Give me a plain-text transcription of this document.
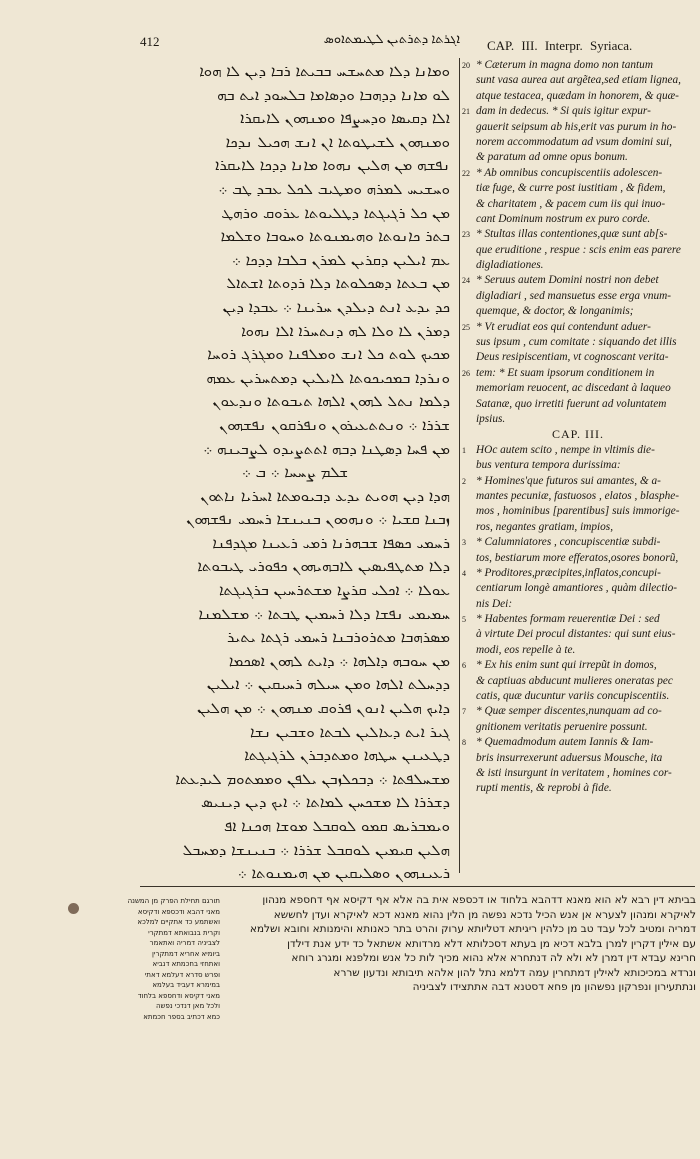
412	ܐܓܪܬܐ ܕܬܪܬܝܢ ܠܛܝܡܬܐܘܣ CAP. III. Interpr. Syriaca.
ܘܡܐܢܐ ܕܠܐ ܡܬܚܫܚ ܒܒܝܬܐ ܪܒܐ ܕܝܢ ܠܐ ܗܘܐ
ܠܘ ܡܐܢܐ ܕܕܗܒܐ ܘܕܣܐܡܐ ܒܠܚܘܕ ܐܝܬ ܒܗ
ܐܠܐ ܕܩܝܣܐ ܘܕܚܨܦܐ ܘܡܢܗܘܢ ܠܐܝܩܪܐ
ܘܡܢܗܘܢ ܠܫܝܛܘܬܐ ܐܢ ܐܢܫ ܗܟܝܠ ܢܕܟܐ
ܢܦܫܗ ܡܢ ܗܠܝܢ ܢܗܘܐ ܡܐܢܐ ܕܕܟܐ ܠܐܝܩܪܐ
ܘܚܫܝܚ ܠܡܪܗ ܘܡܛܝܒ ܠܟܠ ܥܒܕ ܛܒ ܀
ܡܢ ܟܠ ܪܓܝܓܬܐ ܕܛܠܝܘܬܐ ܥܪܘܩ ܘܪܗܛ
ܒܬܪ ܟܐܢܘܬܐ ܘܗܝܡܢܘܬܐ ܘܚܘܒܐ ܘܫܠܡܐ
ܥܡ ܐܝܠܝܢ ܕܩܪܝܢ ܠܡܪܢ ܒܠܒܐ ܕܕܟܐ ܀
ܡܢ ܒܥܬܐ ܕܣܟܠܘܬܐ ܕܠܐ ܪܕܘܬܐ ܐܫܬܐܠ
ܟܕ ܝܕܥ ܐܢܬ ܕܝܠܕܢ ܚܪܝܢܐ ܀ ܥܒܕܐ ܕܝܢ
ܕܡܪܢ ܠܐ ܘܠܐ ܠܗ ܕܢܬܚܪܐ ܐܠܐ ܢܗܘܐ
ܡܟܝܟ ܠܘܬ ܟܠ ܐܢܫ ܘܡܠܦܢܐ ܘܡܓܪܓ ܪܘܚܐ
ܘܢܪܕܐ ܒܡܟܝܟܘܬܐ ܠܐܝܠܝܢ ܕܡܬܚܪܝܢ ܥܡܗ
ܕܠܡܐ ܢܬܠ ܠܗܘܢ ܐܠܗܐ ܬܝܒܘܬܐ ܘܢܕܥܘܢ
ܫܪܪܐ ܀ ܘܢܬܬܥܝܪܘܢ ܘܢܦܪܩܘܢ ܢܦܫܗܘܢ
ܡܢ ܦܚܐ ܕܣܛܢܐ ܕܒܗ ܐܬܬܨܝܕܘ ܠܨܒܝܢܗ ܀
ܫܠܡ ܨܚܚܐ ܀ ܒ ܀
ܗܕܐ ܕܝܢ ܗܘܝܬ ܝܕܥ ܕܒܝܘܡܬܐ ܐܚܪܝܐ ܢܐܬܘܢ
ܙܒܢܐ ܩܫܝܐ ܀ ܘܢܗܘܘܢ ܒܢܝܢܫܐ ܪܚܡܝ ܢܦܫܗܘܢ
ܪܚܡܝ ܟܣܦܐ ܫܒܗܪܢܐ ܪܡܝ ܪܥܝܢܐ ܡܓܕܦܢܐ
ܕܠܐ ܡܬܛܦܝܣܝܢ ܠܐܒܗܝܗܘܢ ܟܦܘܪܝ ܛܝܒܘܬܐ
ܥܘܠܐ ܀ ܐܟܠܝ ܩܪܨܐ ܡܫܬܪܚܝܢ ܒܪܓܝܓܬܐ
ܚܡܝܡܝ ܢܦܫܐ ܕܠܐ ܪܚܡܝܢ ܛܒܬܐ ܀ ܡܫܠܡܢܐ
ܡܣܪܗܒܐ ܡܬܪܘܪܒܢܐ ܪܚܡܝ ܪܓܬܐ ܝܬܝܪ
ܡܢ ܚܘܒܗ ܕܐܠܗܐ ܀ ܕܐܝܬ ܠܗܘܢ ܐܣܟܡܐ
ܕܕܚܠܬ ܐܠܗܐ ܘܡܢ ܚܝܠܗ ܪܚܝܩܝܢ ܀ ܐܝܠܝܢ
ܕܐܝܟ ܗܠܝܢ ܐܢܘܢ ܦܪܘܩ ܡܢܗܘܢ ܀ ܡܢ ܗܠܝܢ
ܓܝܪ ܐܝܬ ܕܥܐܠܝܢ ܠܒܬܐ ܘܫܒܝܢ ܢܫܐ
ܕܛܥܝܢܢ ܚܛܗܐ ܘܡܬܕܒܪܢ ܠܪܓܝܓܬܐ
ܡܫܚܠܦܬܐ ܀ ܕܒܟܠܙܒܢ ܝܠܦܢ ܘܡܡܬܘܡ ܠܝܕܥܬܐ
ܕܫܪܪܐ ܠܐ ܡܫܟܚܢ ܠܡܐܬܐ ܀ ܐܝܟ ܕܝܢ ܕܝܢܝܣ
ܘܝܡܒܪܝܣ ܩܡܘ ܠܘܩܒܠ ܡܘܫܐ ܗܟܢܐ ܐܦ
ܗܠܝܢ ܩܝܡܝܢ ܠܘܩܒܠ ܫܪܪܐ ܀ ܒܢܝܢܫܐ ܕܡܚܒܠ
ܪܥܝܢܗܘܢ ܘܣܠܝܩܝܢ ܡܢ ܗܝܡܢܘܬܐ ܀
20 * Cæterum in magna domo non tantum
sunt vasa aurea aut argẽtea,sed etiam lignea,
atque testacea, quædam in honorem, & quæ-
21 dam in dedecus. * Si quis igitur expur-
gauerit seipsum ab his,erit vas purum in ho-
norem accommodatum ad vsum domini sui,
& paratum ad omne opus bonum.
22 * Ab omnibus concupiscentiis adolescen-
tiæ fuge, & curre post iustitiam , & fidem,
& charitatem , & pacem cum iis qui inuo-
cant Dominum nostrum ex puro corde.
23 * Stultas illas contentiones,quæ sunt ab[s-
que eruditione , respue : scis enim eas parere
digladiationes.
24 * Seruus autem Domini nostri non debet
digladiari , sed mansuetus esse erga vnum-
quemque, & doctor, & longanimis;
25 * Vt erudiat eos qui contendunt aduer-
sus ipsum , cum comitate : siquando det illis
Deus resipiscentiam, vt cognoscant verita-
26 tem: * Et suam ipsorum conditionem in
memoriam reuocent, ac discedant à laqueo
Satanæ, quo irretiti fuerunt ad voluntatem
ipsius.
CAP. III.
1 HOc autem scito , nempe in vltimis die-
bus ventura tempora durissima:
2 * Homines'que futuros sui amantes, & a-
mantes pecuniæ, fastuosos , elatos , blasphe-
mos , hominibus [parentibus] suis immorige-
ros, negantes gratiam, impios,
3 * Calumniatores , concupiscentiæ subdi-
tos, bestiarum more efferatos,osores bonorũ,
4 * Proditores,præcipites,inflatos,concupi-
centiarum longè amantiores , quàm dilectio-
nis Dei:
5 * Habentes formam reuerentiæ Dei : sed
à virtute Dei procul distantes: qui sunt eius-
modi, eos repelle à te.
6 * Ex his enim sunt qui irrepũt in domos,
& captiuas abducunt mulieres oneratas pec
catis, quæ ducuntur variis concupiscentiis.
7 * Quæ semper discentes,nunquam ad co-
gnitionem veritatis peruenire possunt.
8 * Quemadmodum autem Iannis & Iam-
bris insurrexerunt aduersus Mousche, ita
& isti insurgunt in veritatem , homines cor-
rupti mentis, & reprobi à fide.
תורגם תחילת הפרק מן המשנה
מאני דהבא ודכספא ודקיסא
ואשתמע כד אתקיים למלכא
וקרית בנבואתא דמתקרי
לצביניה דמריה ואתאמר
ביומיא אחריא דמתקרין
ואתחזי בחכמתא דנביא
ופרש סדרא דעלמא דאתי
במימרא דעביד בעלמא
מאני דקיסא ודחספא בלחוד
ולכל מאן דנדכי נפשה
כמא דכתיב בספר חכמתא
בביתא דין רבא לא הוא מאנא דדהבא בלחוד או דכספא אית בה אלא אף דקיסא אף דחספא מנהון
לאיקרא ומנהון לצערא אן אנש הכיל נדכא נפשה מן הלין נהוא מאנא דכא לאיקרא ועדן לחששא
דמריה ומטיב לכל עבד טב מן כלהין ריגיתא דטליותא ערוק והרט בתר כאנותא והימנותא וחובא ושלמא
עם אילין דקרין למרן בלבא דכיא מן בעתא דסכלותא דלא מרדותא אשתאל כד ידע אנת דילדן
חרינא עבדא דין דמרן לא ולא לה דנתחרא אלא נהוא מכיך לות כל אנש ומלפנא ומגרג רוחא
ונרדא במכיכותא לאילין דמתחרין עמה דלמא נתל להון אלהא תיבותא ונדעון שררא
ונתתעירון ונפרקון נפשהון מן פחא דסטנא דבה אתתצידו לצביניה
